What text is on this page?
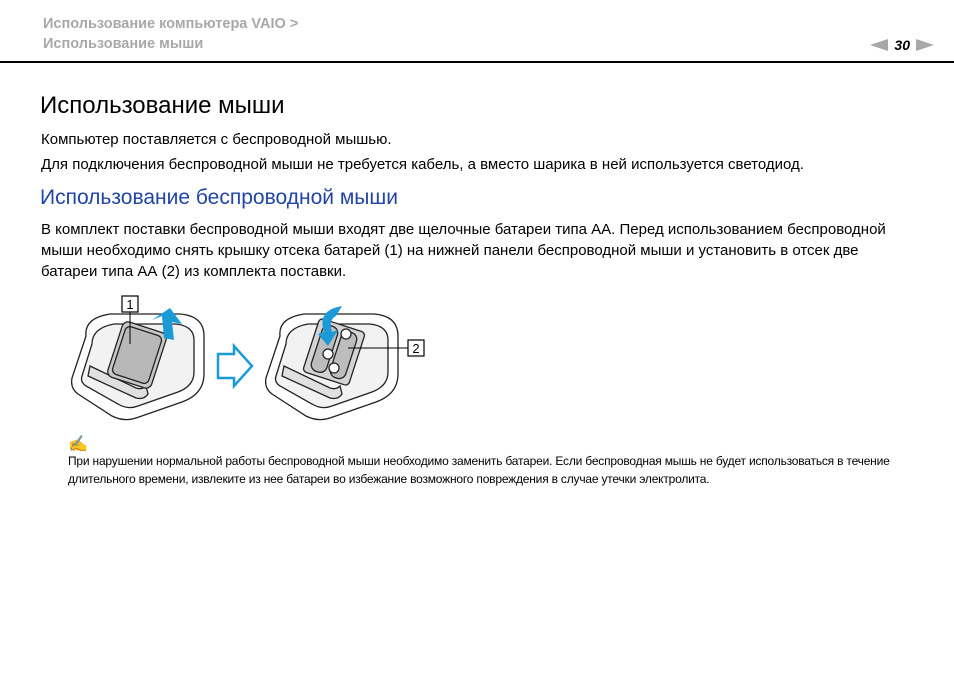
Использование компьютера VAIO >
Использование мыши	30
Использование мыши
Компьютер поставляется с беспроводной мышью.
Для подключения беспроводной мыши не требуется кабель, а вместо шарика в ней используется светодиод.
Использование беспроводной мыши
В комплект поставки беспроводной мыши входят две щелочные батареи типа АА. Перед использованием беспроводной мыши необходимо снять крышку отсека батарей (1) на нижней панели беспроводной мыши и установить в отсек две батареи типа АА (2) из комплекта поставки.
1
2
✍
При нарушении нормальной работы беспроводной мыши необходимо заменить батареи. Если беспроводная мышь не будет использоваться в течение длительного времени, извлеките из нее батареи во избежание возможного повреждения в случае утечки электролита.
